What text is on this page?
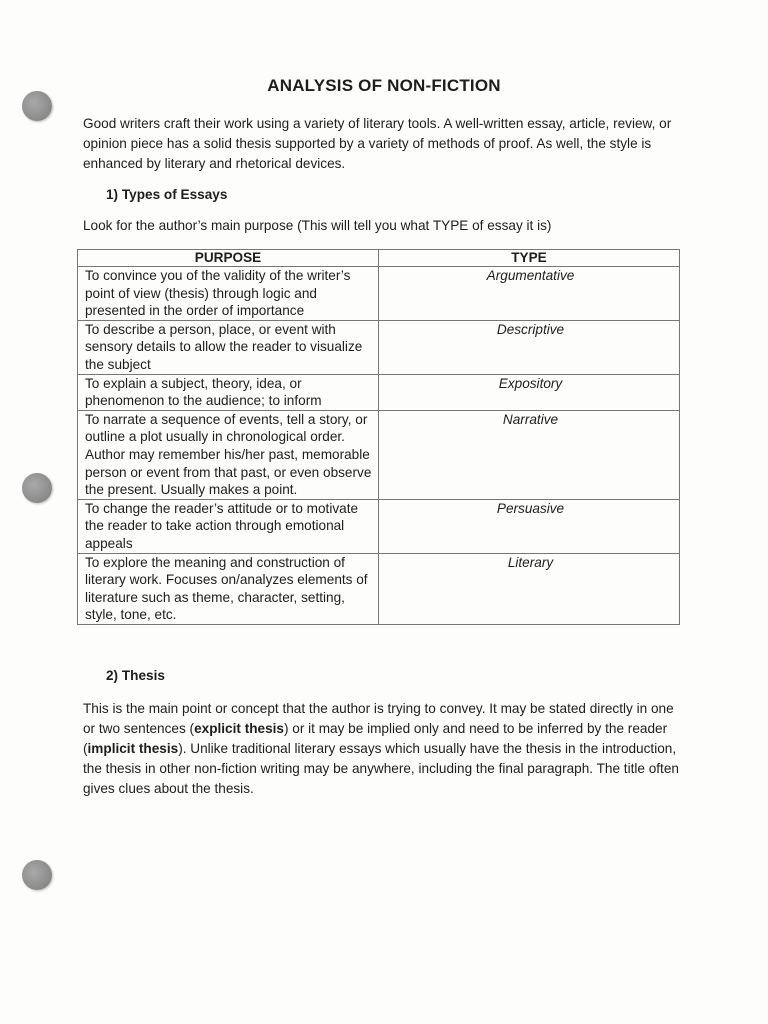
ANALYSIS OF NON-FICTION
Good writers craft their work using a variety of literary tools. A well-written essay, article, review, or opinion piece has a solid thesis supported by a variety of methods of proof. As well, the style is enhanced by literary and rhetorical devices.
1) Types of Essays
Look for the author’s main purpose (This will tell you what TYPE of essay it is)
PURPOSE	TYPE
To convince you of the validity of the writer’s point of view (thesis) through logic and presented in the order of importance	Argumentative
To describe a person, place, or event with sensory details to allow the reader to visualize the subject	Descriptive
To explain a subject, theory, idea, or phenomenon to the audience; to inform	Expository
To narrate a sequence of events, tell a story, or outline a plot usually in chronological order. Author may remember his/her past, memorable person or event from that past, or even observe the present. Usually makes a point.	Narrative
To change the reader’s attitude or to motivate the reader to take action through emotional appeals	Persuasive
To explore the meaning and construction of literary work. Focuses on/analyzes elements of literature such as theme, character, setting, style, tone, etc.	Literary
2) Thesis
This is the main point or concept that the author is trying to convey. It may be stated directly in one or two sentences (explicit thesis) or it may be implied only and need to be inferred by the reader (implicit thesis). Unlike traditional literary essays which usually have the thesis in the introduction, the thesis in other non-fiction writing may be anywhere, including the final paragraph. The title often gives clues about the thesis.
